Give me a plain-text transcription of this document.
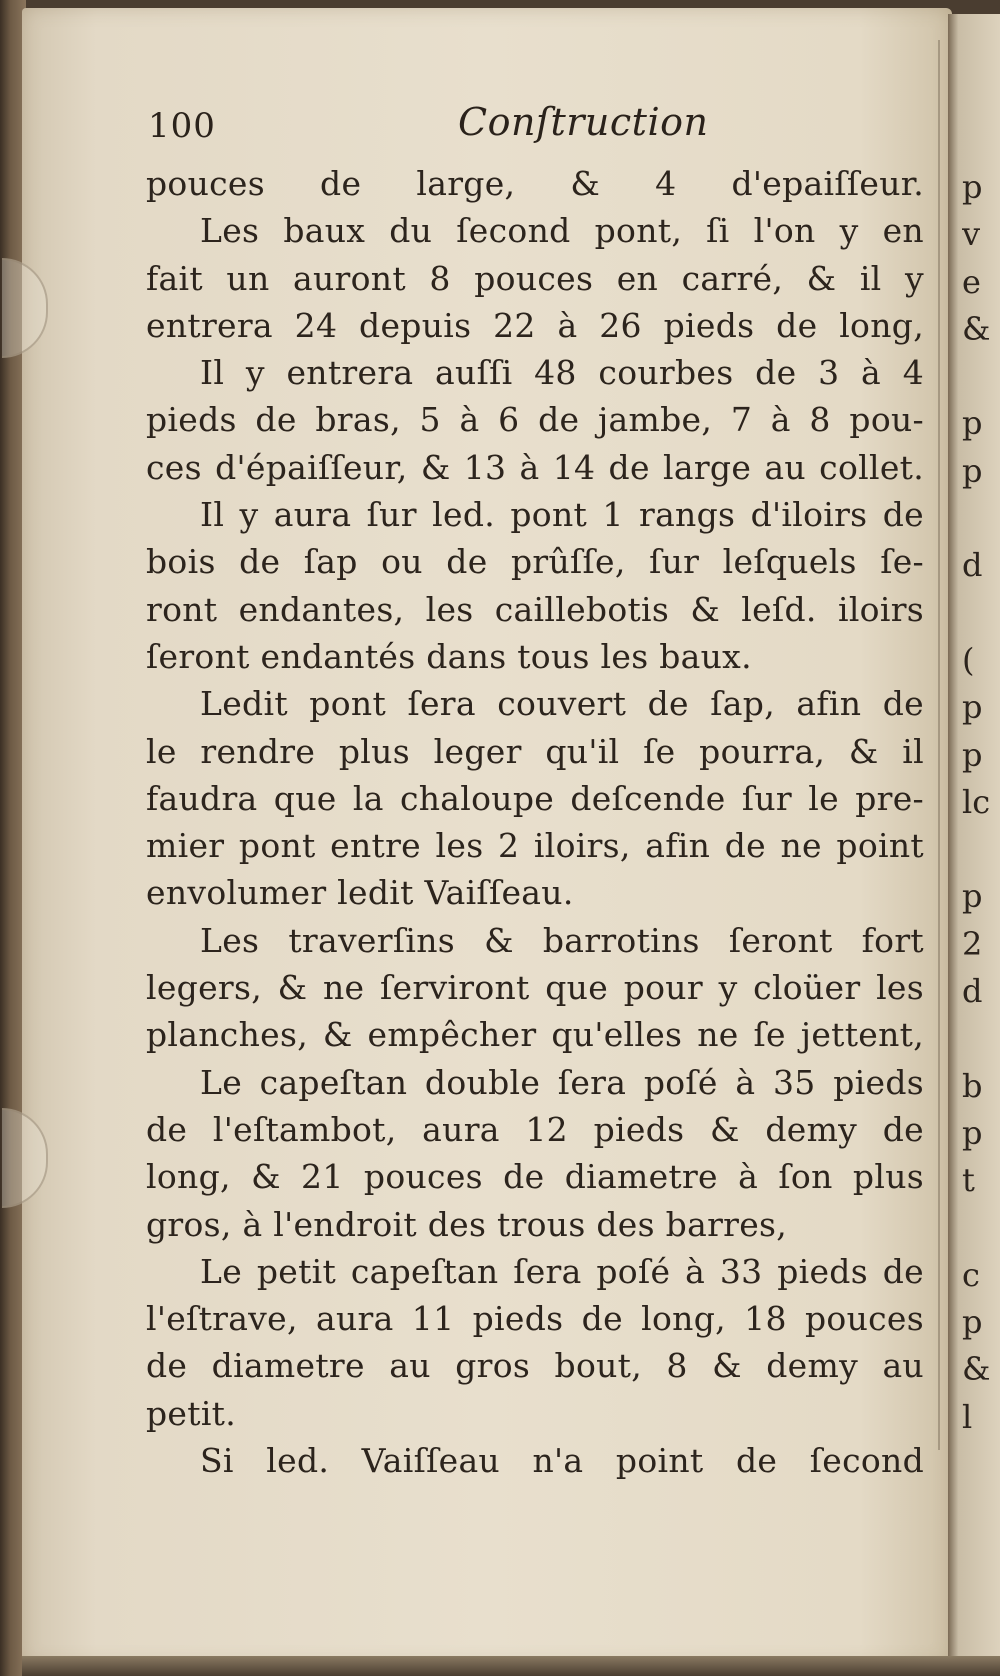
100	Conſtruction
pouces de large, & 4 d'epaiſſeur.
Les baux du ſecond pont, ſi l'on y en
fait un auront 8 pouces en carré, & il y
entrera 24 depuis 22 à 26 pieds de long,
Il y entrera auſſi 48 courbes de 3 à 4
pieds de bras, 5 à 6 de jambe, 7 à 8 pou-
ces d'épaiſſeur, & 13 à 14 de large au collet.
Il y aura ſur led. pont 1 rangs d'iloirs de
bois de ſap ou de prûſſe, ſur leſquels ſe-
ront endantes, les caillebotis & leſd. iloirs
ſeront endantés dans tous les baux.
Ledit pont ſera couvert de ſap, afin de
le rendre plus leger qu'il ſe pourra, & il
faudra que la chaloupe deſcende ſur le pre-
mier pont entre les 2 iloirs, afin de ne point
envolumer ledit Vaiſſeau.
Les traverſins & barrotins ſeront fort
legers, & ne ſerviront que pour y cloüer les
planches, & empêcher qu'elles ne ſe jettent,
Le capeſtan double ſera poſé à 35 pieds
de l'eſtambot, aura 12 pieds & demy de
long, & 21 pouces de diametre à ſon plus
gros, à l'endroit des trous des barres,
Le petit capeſtan ſera poſé à 33 pieds de
l'eſtrave, aura 11 pieds de long, 18 pouces
de diametre au gros bout, 8 & demy au
petit.
Si led. Vaiſſeau n'a point de ſecond
p
v
e
&
p
p
d
(
p
p
lc
p
2
d
b
p
t
c
p
&
l
